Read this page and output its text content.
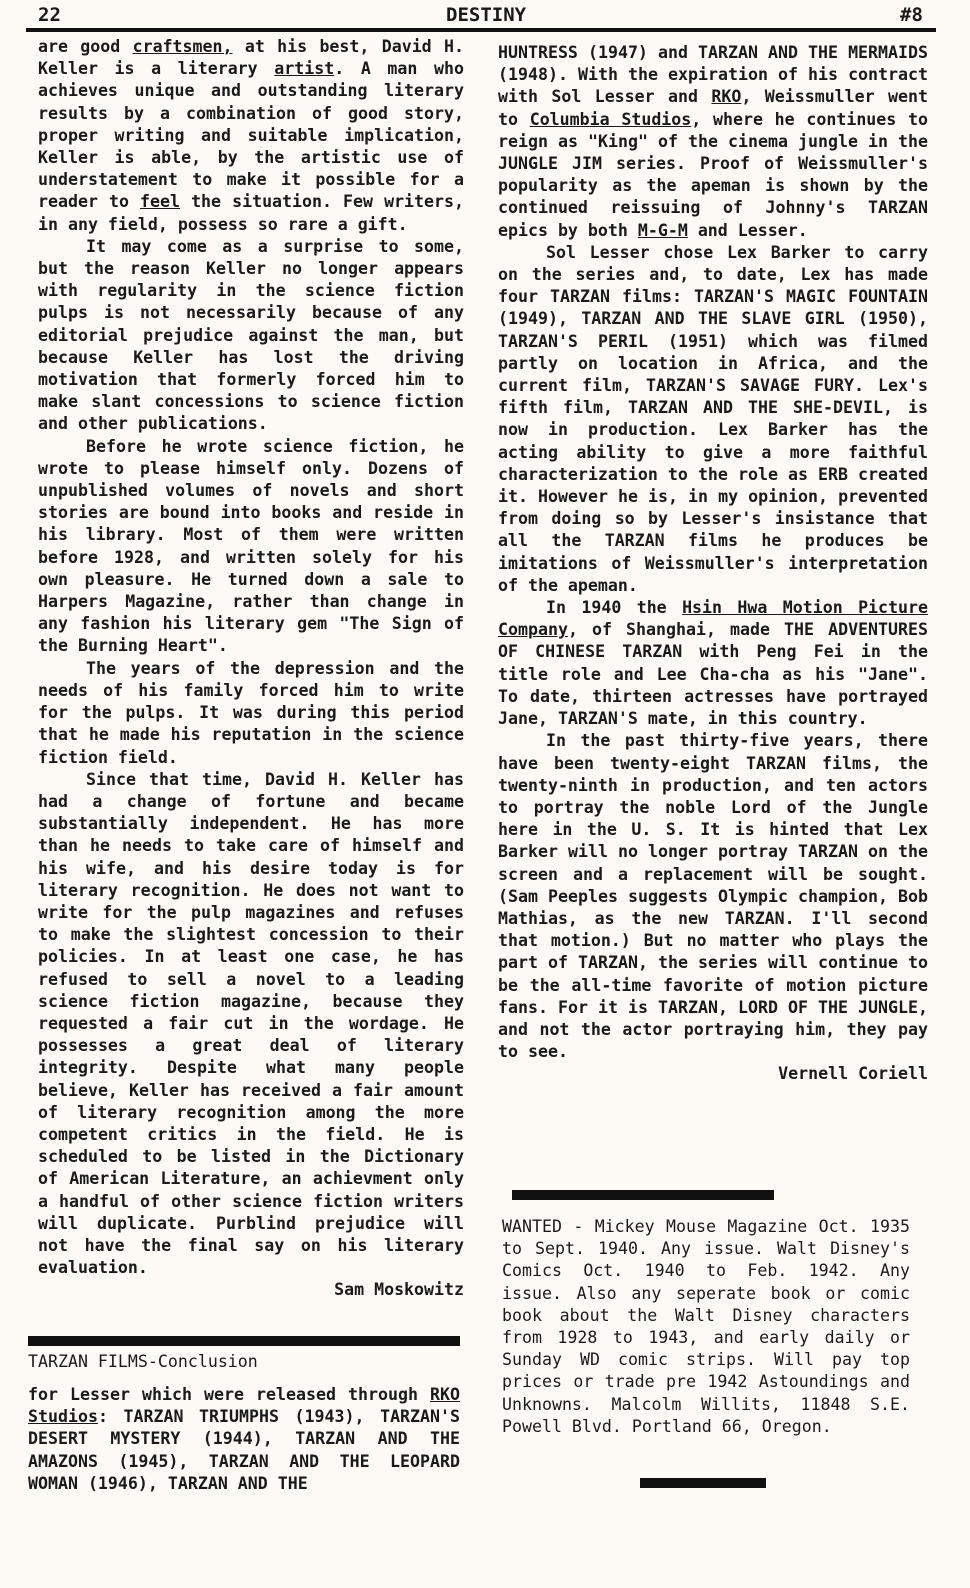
22	DESTINY	#8

are good craftsmen, at his best, David H. Keller is a literary artist. A man who achieves unique and outstanding literary results by a combination of good story, proper writing and suitable implication, Keller is able, by the artistic use of understatement to make it possible for a reader to feel the situation. Few writers, in any field, possess so rare a gift.

It may come as a surprise to some, but the reason Keller no longer appears with regularity in the science fiction pulps is not necessarily because of any editorial prejudice against the man, but because Keller has lost the driving motivation that formerly forced him to make slant concessions to science fiction and other publications.

Before he wrote science fiction, he wrote to please himself only. Dozens of unpublished volumes of novels and short stories are bound into books and reside in his library. Most of them were written before 1928, and written solely for his own pleasure. He turned down a sale to Harpers Magazine, rather than change in any fashion his literary gem "The Sign of the Burning Heart".

The years of the depression and the needs of his family forced him to write for the pulps. It was during this period that he made his reputation in the science fiction field.

Since that time, David H. Keller has had a change of fortune and became substantially independent. He has more than he needs to take care of himself and his wife, and his desire today is for literary recognition. He does not want to write for the pulp magazines and refuses to make the slightest concession to their policies. In at least one case, he has refused to sell a novel to a leading science fiction magazine, because they requested a fair cut in the wordage. He possesses a great deal of literary integrity. Despite what many people believe, Keller has received a fair amount of literary recognition among the more competent critics in the field. He is scheduled to be listed in the Dictionary of American Literature, an achievment only a handful of other science fiction writers will duplicate. Purblind prejudice will not have the final say on his literary evaluation.

Sam Moskowitz

TARZAN FILMS-Conclusion

for Lesser which were released through RKO Studios: TARZAN TRIUMPHS (1943), TARZAN'S DESERT MYSTERY (1944), TARZAN AND THE AMAZONS (1945), TARZAN AND THE LEOPARD WOMAN (1946), TARZAN AND THE

HUNTRESS (1947) and TARZAN AND THE MERMAIDS (1948). With the expiration of his contract with Sol Lesser and RKO, Weissmuller went to Columbia Studios, where he continues to reign as "King" of the cinema jungle in the JUNGLE JIM series. Proof of Weissmuller's popularity as the apeman is shown by the continued reissuing of Johnny's TARZAN epics by both M-G-M and Lesser.

Sol Lesser chose Lex Barker to carry on the series and, to date, Lex has made four TARZAN films: TARZAN'S MAGIC FOUNTAIN (1949), TARZAN AND THE SLAVE GIRL (1950), TARZAN'S PERIL (1951) which was filmed partly on location in Africa, and the current film, TARZAN'S SAVAGE FURY. Lex's fifth film, TARZAN AND THE SHE-DEVIL, is now in production. Lex Barker has the acting ability to give a more faithful characterization to the role as ERB created it. However he is, in my opinion, prevented from doing so by Lesser's insistance that all the TARZAN films he produces be imitations of Weissmuller's interpretation of the apeman.

In 1940 the Hsin Hwa Motion Picture Company, of Shanghai, made THE ADVENTURES OF CHINESE TARZAN with Peng Fei in the title role and Lee Cha-cha as his "Jane". To date, thirteen actresses have portrayed Jane, TARZAN'S mate, in this country.

In the past thirty-five years, there have been twenty-eight TARZAN films, the twenty-ninth in production, and ten actors to portray the noble Lord of the Jungle here in the U. S. It is hinted that Lex Barker will no longer portray TARZAN on the screen and a replacement will be sought. (Sam Peeples suggests Olympic champion, Bob Mathias, as the new TARZAN. I'll second that motion.) But no matter who plays the part of TARZAN, the series will continue to be the all-time favorite of motion picture fans. For it is TARZAN, LORD OF THE JUNGLE, and not the actor portraying him, they pay to see.

Vernell Coriell

WANTED - Mickey Mouse Magazine Oct. 1935 to Sept. 1940. Any issue. Walt Disney's Comics Oct. 1940 to Feb. 1942. Any issue. Also any seperate book or comic book about the Walt Disney characters from 1928 to 1943, and early daily or Sunday WD comic strips. Will pay top prices or trade pre 1942 Astoundings and Unknowns. Malcolm Willits, 11848 S.E. Powell Blvd. Portland 66, Oregon.
